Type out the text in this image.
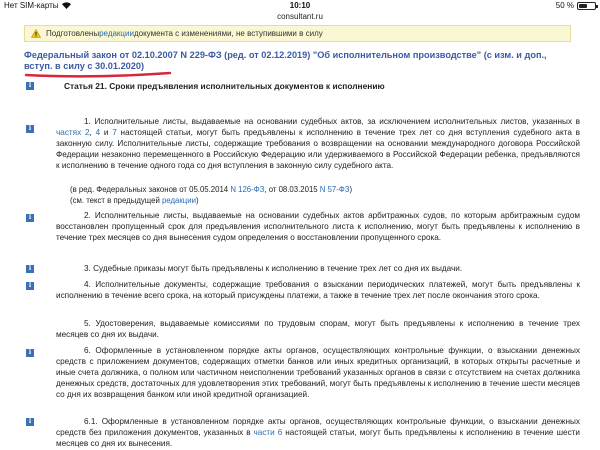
Нет SIM-карты	10:10	50 %
consultant.ru
Подготовлены редакции документа с изменениями, не вступившими в силу
Федеральный закон от 02.10.2007 N 229-ФЗ (ред. от 02.12.2019) "Об исполнительном производстве" (с изм. и доп.,
вступ. в силу с 30.01.2020)
i	Статья 21. Сроки предъявления исполнительных документов к исполнению
i
1. Исполнительные листы, выдаваемые на основании судебных актов, за исключением исполнительных листов, указанных в частях 2, 4 и 7 настоящей статьи, могут быть предъявлены к исполнению в течение трех лет со дня вступления судебного акта в законную силу. Исполнительные листы, содержащие требования о возвращении на основании международного договора Российской Федерации незаконно перемещенного в Российскую Федерацию или удерживаемого в Российской Федерации ребенка, предъявляются к исполнению в течение одного года со дня вступления в законную силу судебного акта.
(в ред. Федеральных законов от 05.05.2014 N 126-ФЗ, от 08.03.2015 N 57-ФЗ)
(см. текст в предыдущей редакции)
i	2. Исполнительные листы, выдаваемые на основании судебных актов арбитражных судов, по которым арбитражным судом восстановлен пропущенный срок для предъявления исполнительного листа к исполнению, могут быть предъявлены к исполнению в течение трех месяцев со дня вынесения судом определения о восстановлении пропущенного срока.
i	3. Судебные приказы могут быть предъявлены к исполнению в течение трех лет со дня их выдачи.
i	4. Исполнительные документы, содержащие требования о взыскании периодических платежей, могут быть предъявлены к исполнению в течение всего срока, на который присуждены платежи, а также в течение трех лет после окончания этого срока.
5. Удостоверения, выдаваемые комиссиями по трудовым спорам, могут быть предъявлены к исполнению в течение трех месяцев со дня их выдачи.
i	6. Оформленные в установленном порядке акты органов, осуществляющих контрольные функции, о взыскании денежных средств с приложением документов, содержащих отметки банков или иных кредитных организаций, в которых открыты расчетные и иные счета должника, о полном или частичном неисполнении требований указанных органов в связи с отсутствием на счетах должника денежных средств, достаточных для удовлетворения этих требований, могут быть предъявлены к исполнению в течение шести месяцев со дня их возвращения банком или иной кредитной организацией.
i	6.1. Оформленные в установленном порядке акты органов, осуществляющих контрольные функции, о взыскании денежных средств без приложения документов, указанных в части 6 настоящей статьи, могут быть предъявлены к исполнению в течение шести месяцев со дня их вынесения.
